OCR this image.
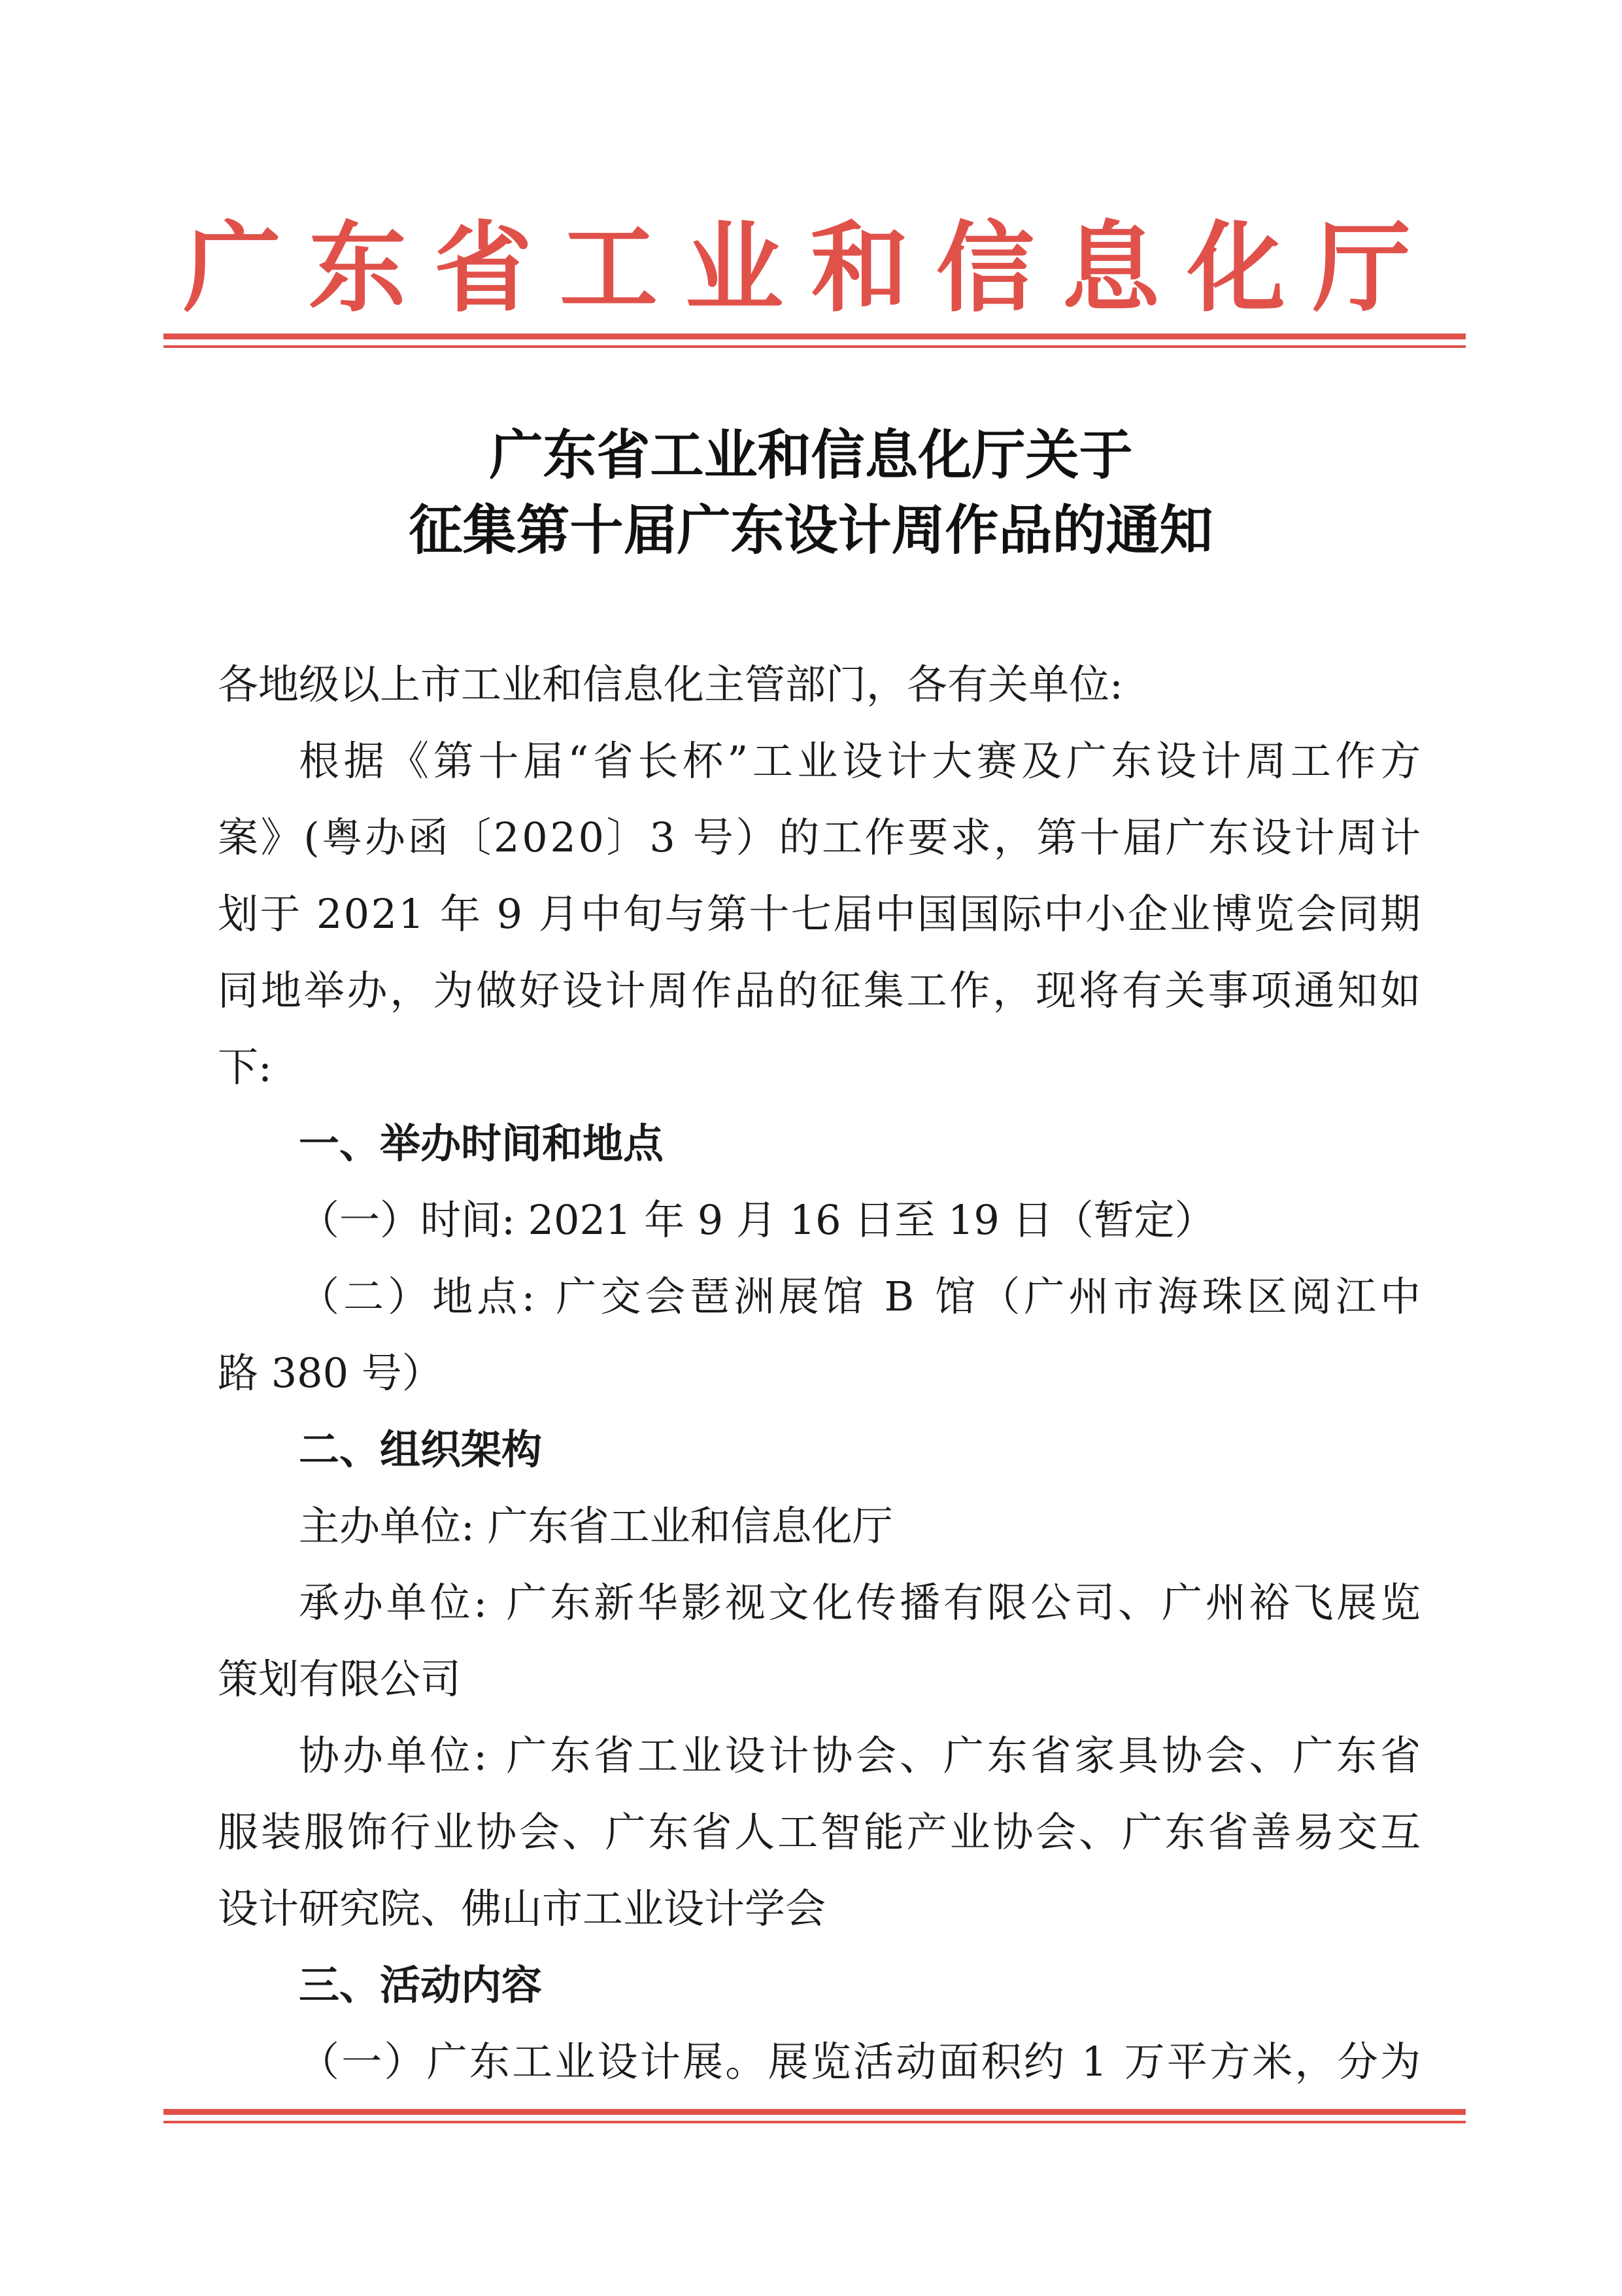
广东省工业和信息化厅
广东省工业和信息化厅关于
征集第十届广东设计周作品的通知
各地级以上市工业和信息化主管部门，各有关单位:
根据《第十届“省长杯”工业设计大赛及广东设计周工作方
案》(粤办函〔2020〕3 号）的工作要求，第十届广东设计周计
划于 2021 年 9 月中旬与第十七届中国国际中小企业博览会同期
同地举办，为做好设计周作品的征集工作，现将有关事项通知如
下:
一、举办时间和地点
（一）时间: 2021 年 9 月 16 日至 19 日（暂定）
（二）地点: 广交会琶洲展馆 B 馆（广州市海珠区阅江中
路 380 号）
二、组织架构
主办单位: 广东省工业和信息化厅
承办单位: 广东新华影视文化传播有限公司、广州裕飞展览
策划有限公司
协办单位: 广东省工业设计协会、广东省家具协会、广东省
服装服饰行业协会、广东省人工智能产业协会、广东省善易交互
设计研究院、佛山市工业设计学会
三、活动内容
（一）广东工业设计展。展览活动面积约 1 万平方米，分为
